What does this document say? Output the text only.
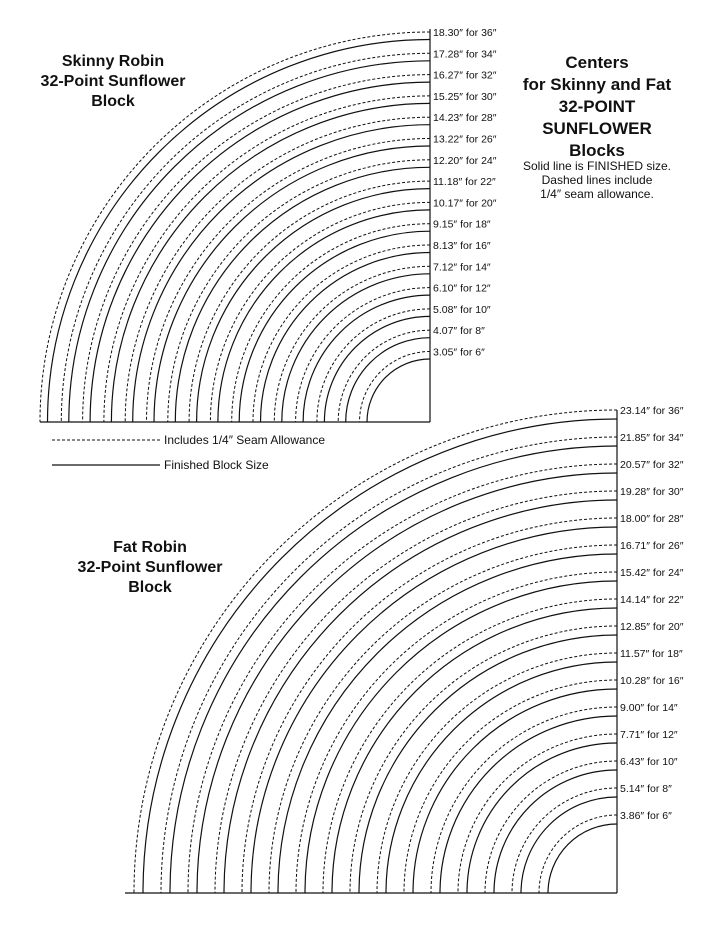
18.30″ for 36″
17.28″ for 34″
16.27″ for 32″
15.25″ for 30″
14.23″ for 28″
13.22″ for 26″
12.20″ for 24″
11.18″ for 22″
10.17″ for 20″
9.15″ for 18″
8.13″ for 16″
7.12″ for 14″
6.10″ for 12″
5.08″ for 10″
4.07″ for 8″
3.05″ for 6″
23.14″ for 36″
21.85″ for 34″
20.57″ for 32″
19.28″ for 30″
18.00″ for 28″
16.71″ for 26″
15.42″ for 24″
14.14″ for 22″
12.85″ for 20″
11.57″ for 18″
10.28″ for 16″
9.00″ for 14″
7.71″ for 12″
6.43″ for 10″
5.14″ for 8″
3.86″ for 6″
Skinny Robin
32-Point Sunflower
Block
Fat Robin
32-Point Sunflower
Block
Centers
for Skinny and Fat
32-POINT
SUNFLOWER
Blocks
Solid line is FINISHED size.
Dashed lines include
1/4″ seam allowance.
Includes 1/4″ Seam Allowance
Finished Block Size
